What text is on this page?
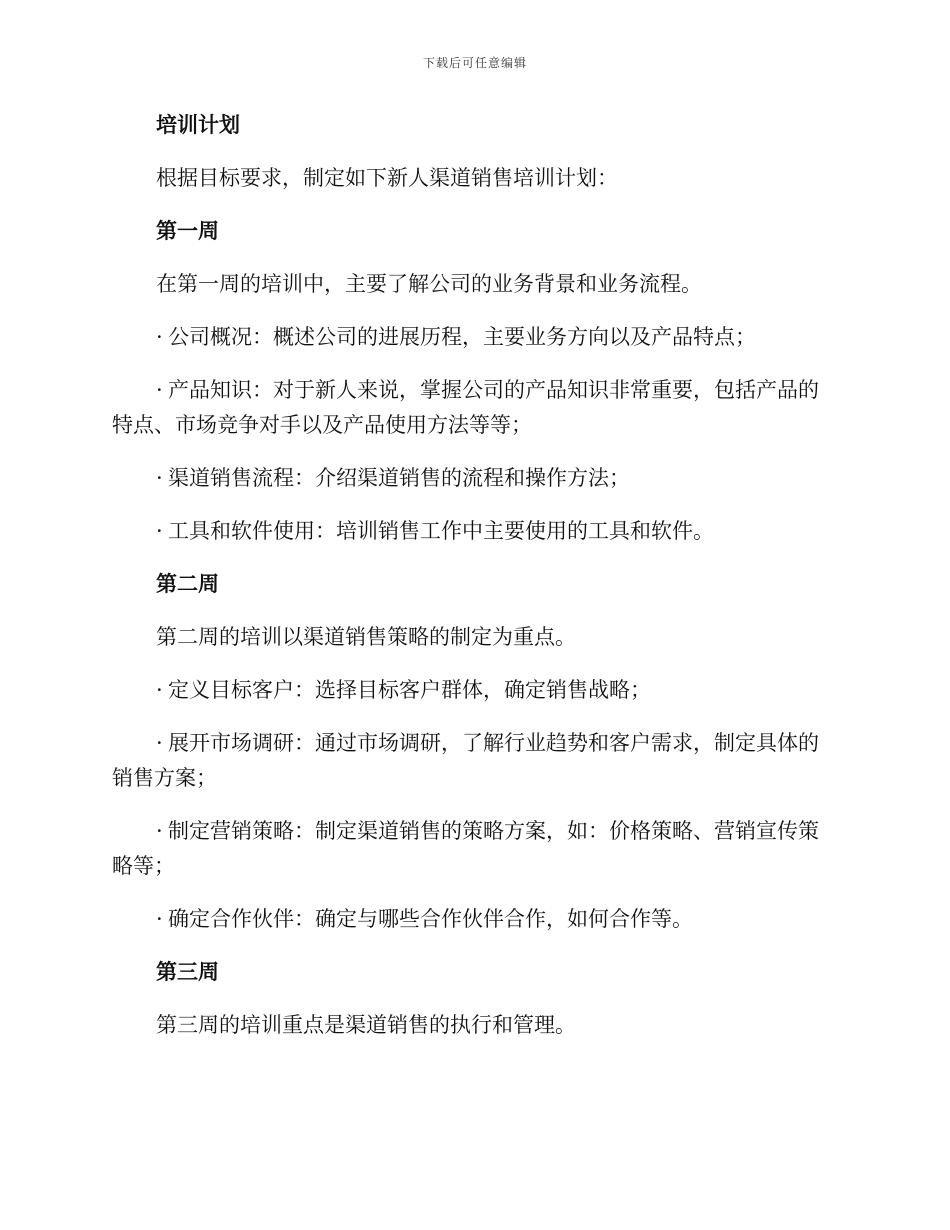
下载后可任意编辑

培训计划

根据目标要求，制定如下新人渠道销售培训计划：

第一周

在第一周的培训中，主要了解公司的业务背景和业务流程。

· 公司概况：概述公司的进展历程，主要业务方向以及产品特点；

· 产品知识：对于新人来说，掌握公司的产品知识非常重要，包括产品的特点、市场竞争对手以及产品使用方法等等；

· 渠道销售流程：介绍渠道销售的流程和操作方法；

· 工具和软件使用：培训销售工作中主要使用的工具和软件。

第二周

第二周的培训以渠道销售策略的制定为重点。

· 定义目标客户：选择目标客户群体，确定销售战略；

· 展开市场调研：通过市场调研，了解行业趋势和客户需求，制定具体的销售方案；

· 制定营销策略：制定渠道销售的策略方案，如：价格策略、营销宣传策略等；

· 确定合作伙伴：确定与哪些合作伙伴合作，如何合作等。

第三周

第三周的培训重点是渠道销售的执行和管理。
